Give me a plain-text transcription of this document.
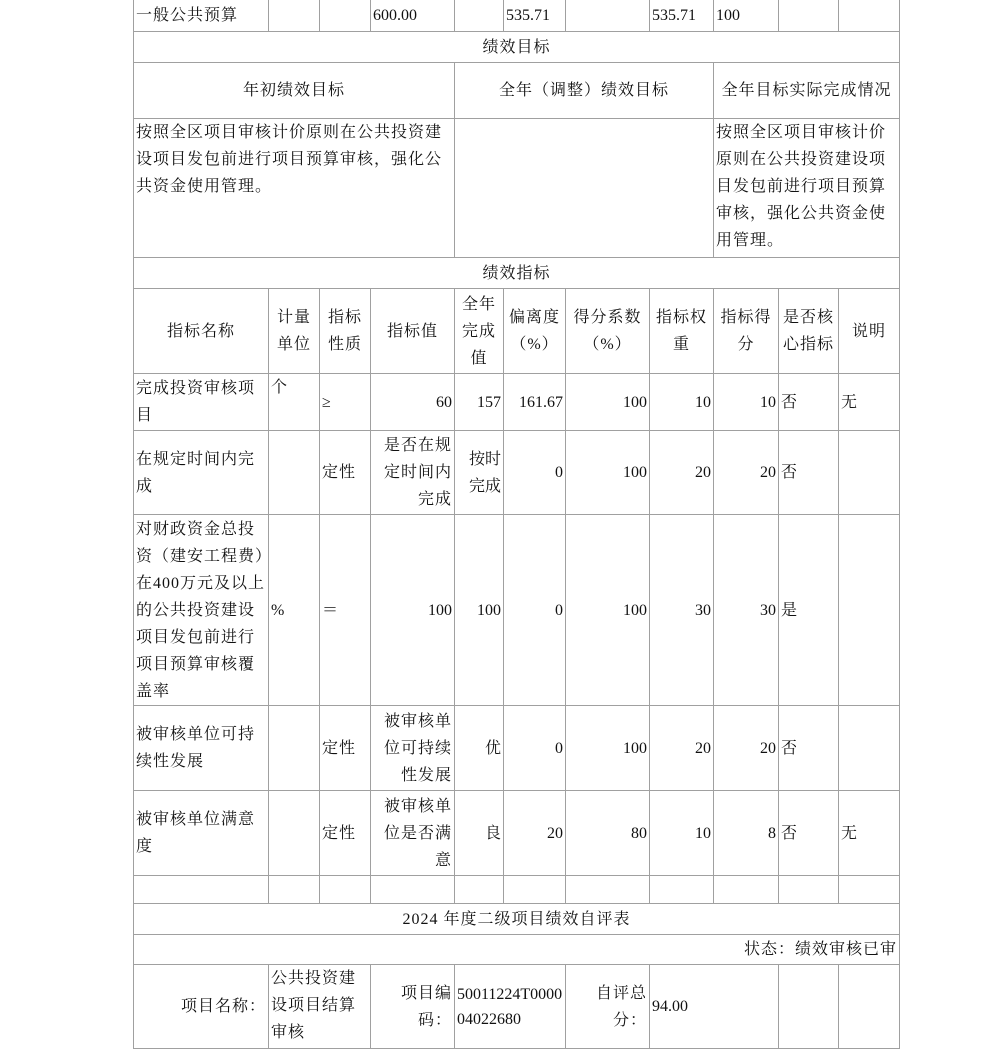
一般公共预算			600.00		535.71		535.71	100		
绩效目标										
年初绩效目标				全年（调整）绩效目标				全年目标实际完成情况		
按照全区项目审核计价原则在公共投资建设项目发包前进行项目预算审核，强化公共资金使用管理。								按照全区项目审核计价原则在公共投资建设项目发包前进行项目预算审核，强化公共资金使用管理。		
绩效指标										
指标名称	计量单位	指标性质	指标值	全年完成值	偏离度（%）	得分系数（%）	指标权重	指标得分	是否核心指标	说明
完成投资审核项目	个	≥	60	157	161.67	100	10	10	否	无
在规定时间内完成		定性	是否在规定时间内完成	按时完成	0	100	20	20	否	
对财政资金总投资（建安工程费）在400万元及以上的公共投资建设项目发包前进行项目预算审核覆盖率	%	＝	100	100	0	100	30	30	是	
被审核单位可持续性发展		定性	被审核单位可持续性发展	优	0	100	20	20	否	
被审核单位满意度		定性	被审核单位是否满意	良	20	80	10	8	否	无

2024 年度二级项目绩效自评表										
状态：绩效审核已审										
项目名称：	公共投资建设项目结算审核		项目编码：	50011224T000004022680		自评总分：	94.00			
